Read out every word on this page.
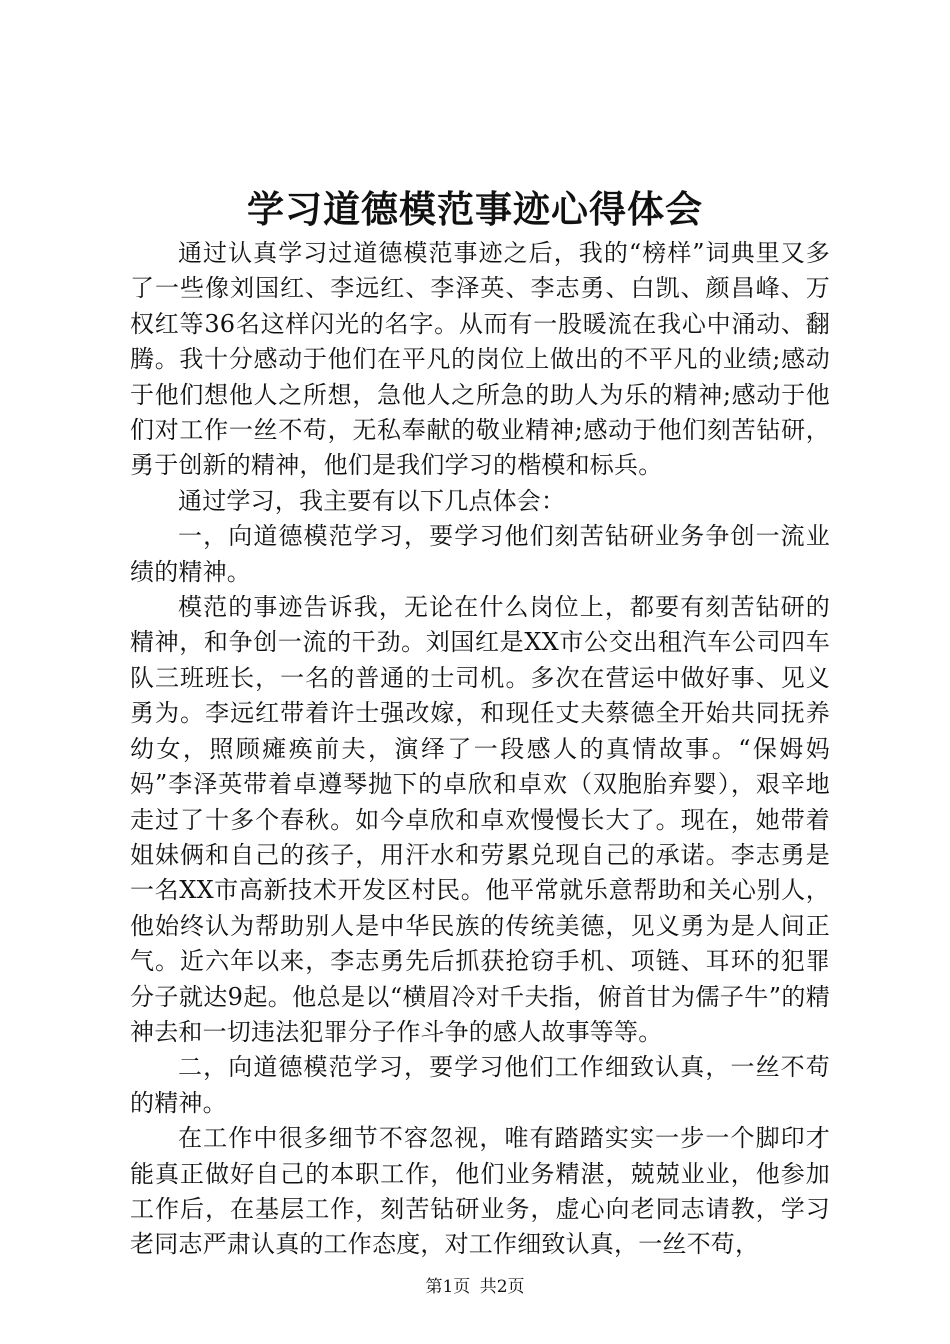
学习道德模范事迹心得体会

通过认真学习过道德模范事迹之后，我的“榜样”词典里又多了一些像刘国红、李远红、李泽英、李志勇、白凯、颜昌峰、万权红等36名这样闪光的名字。从而有一股暖流在我心中涌动、翻腾。我十分感动于他们在平凡的岗位上做出的不平凡的业绩;感动于他们想他人之所想，急他人之所急的助人为乐的精神;感动于他们对工作一丝不苟，无私奉献的敬业精神;感动于他们刻苦钻研，勇于创新的精神，他们是我们学习的楷模和标兵。

通过学习，我主要有以下几点体会：

一，向道德模范学习，要学习他们刻苦钻研业务争创一流业绩的精神。

模范的事迹告诉我，无论在什么岗位上，都要有刻苦钻研的精神，和争创一流的干劲。刘国红是XX市公交出租汽车公司四车队三班班长，一名的普通的士司机。多次在营运中做好事、见义勇为。李远红带着许士强改嫁，和现任丈夫蔡德全开始共同抚养幼女，照顾瘫痪前夫，演绎了一段感人的真情故事。“保姆妈妈”李泽英带着卓遵琴抛下的卓欣和卓欢（双胞胎弃婴），艰辛地走过了十多个春秋。如今卓欣和卓欢慢慢长大了。现在，她带着姐妹俩和自己的孩子，用汗水和劳累兑现自己的承诺。李志勇是一名XX市高新技术开发区村民。他平常就乐意帮助和关心别人，他始终认为帮助别人是中华民族的传统美德，见义勇为是人间正气。近六年以来，李志勇先后抓获抢窃手机、项链、耳环的犯罪分子就达9起。他总是以“横眉冷对千夫指，俯首甘为儒子牛”的精神去和一切违法犯罪分子作斗争的感人故事等等。

二，向道德模范学习，要学习他们工作细致认真，一丝不苟的精神。

在工作中很多细节不容忽视，唯有踏踏实实一步一个脚印才能真正做好自己的本职工作，他们业务精湛，兢兢业业，他参加工作后，在基层工作，刻苦钻研业务，虚心向老同志请教，学习老同志严肃认真的工作态度，对工作细致认真，一丝不苟，

第1页 共2页
